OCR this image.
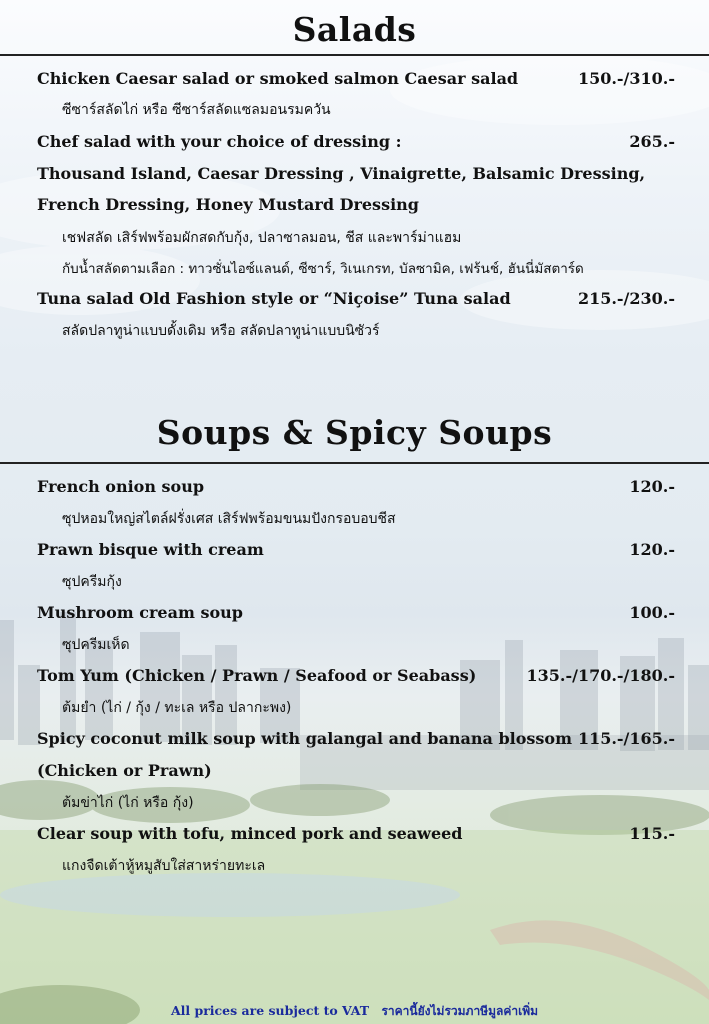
Salads
Chicken Caesar salad or smoked salmon Caesar salad	150.-/310.-
ซีซาร์สลัดไก่ หรือ ซีซาร์สลัดแซลมอนรมควัน
Chef salad with your choice of dressing :	265.-
Thousand Island, Caesar Dressing , Vinaigrette, Balsamic Dressing,
French Dressing, Honey Mustard Dressing
เชฟสลัด เสิร์ฟพร้อมผักสดกับกุ้ง, ปลาซาลมอน, ชีส และพาร์ม่าแฮม
กับน้ำสลัดตามเลือก : ทาวซั่นไอซ์แลนด์, ซีซาร์, วิเนเกรท, บัลซามิค, เฟร้นช์, ฮันนี่มัสตาร์ด
Tuna salad Old Fashion style or “Niçoise” Tuna salad	215.-/230.-
สลัดปลาทูน่าแบบดั้งเดิม หรือ สลัดปลาทูน่าแบบนิซัวร์
Soups & Spicy Soups
French onion soup	120.-
ซุปหอมใหญ่สไตล์ฝรั่งเศส เสิร์ฟพร้อมขนมปังกรอบอบชีส
Prawn bisque with cream	120.-
ซุปครีมกุ้ง
Mushroom cream soup	100.-
ซุปครีมเห็ด
Tom Yum (Chicken / Prawn / Seafood or Seabass)	135.-/170.-/180.-
ต้มยำ (ไก่ / กุ้ง / ทะเล หรือ ปลากะพง)
Spicy coconut milk soup with galangal and banana blossom 115.-/165.-
(Chicken or Prawn)
ต้มข่าไก่ (ไก่ หรือ กุ้ง)
Clear soup with tofu, minced pork and seaweed	115.-
แกงจืดเต้าหู้หมูสับใส่สาหร่ายทะเล
All prices are subject to VAT ราคานี้ยังไม่รวมภาษีมูลค่าเพิ่ม
